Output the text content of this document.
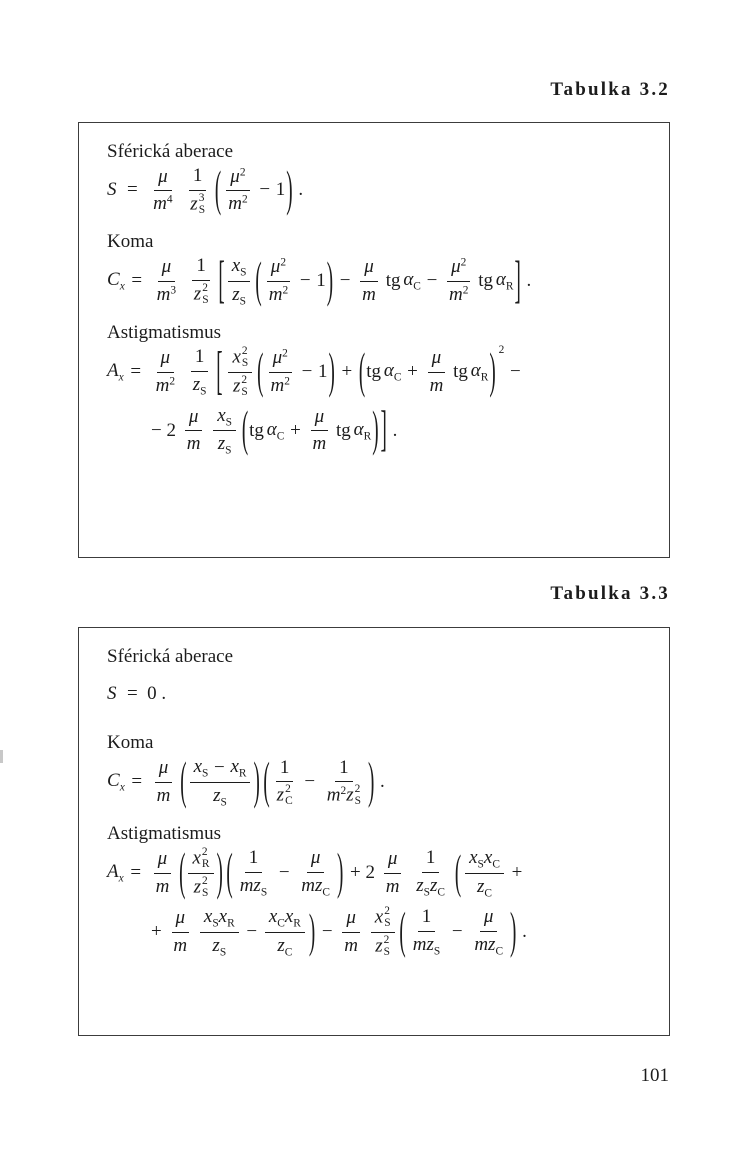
Tabulka 3.2
Sférická aberace
$S = \frac{\mu}{m^4} 1$
z 3
S ( $\frac{\mu^2}{m^2} - 1$ ) .
Koma
$C_x = \frac{\mu}{m^3} 1$
z 2
S [ $\frac{x_S}{z_S}$ ( $\frac{\mu^2}{m^2} - 1$ ) − $\frac{\mu}{m}$ tg $\alpha_C - \frac{\mu^2}{m^2}$ tg $\alpha_R$ ] .
Astigmatismus
$A_x = \frac{\mu}{m^2} \frac{1}{z_S}$ [ x 2
S
z 2
S ( $\frac{\mu^2}{m^2} - 1$ ) + ( tg $\alpha_C + \frac{\mu}{m}$ tg $\alpha_R$ ) 2
−
− $2 \frac{\mu}{m} \frac{x_S}{z_S}$ ( tg $\alpha_C + \frac{\mu}{m}$ tg $\alpha_R$ ) ] .
Tabulka 3.3
Sférická aberace
S = 0 .
Koma
$C_x = \frac{\mu}{m}$ ( $\frac{x_S - x_R}{z_S}$ ) ( 1
z 2
C − 1
$m^2z$ 2
S ) .
Astigmatismus
$A_x = \frac{\mu}{m}$ ( x 2
R
z 2
S ) ( $\frac{1}{mz_S} - \frac{\mu}{mz_C}$ ) + $2 \frac{\mu}{m} \frac{1}{z_Sz_C}$ ( $\frac{x_Sx_C}{z_C}$ +
+ $\frac{\mu}{m} \frac{x_Sx_R}{z_S} - \frac{x_Cx_R}{z_C}$ ) − $\frac{\mu}{m}$ x 2
S
z 2
S ( $\frac{1}{mz_S} - \frac{\mu}{mz_C}$ ) .
101
